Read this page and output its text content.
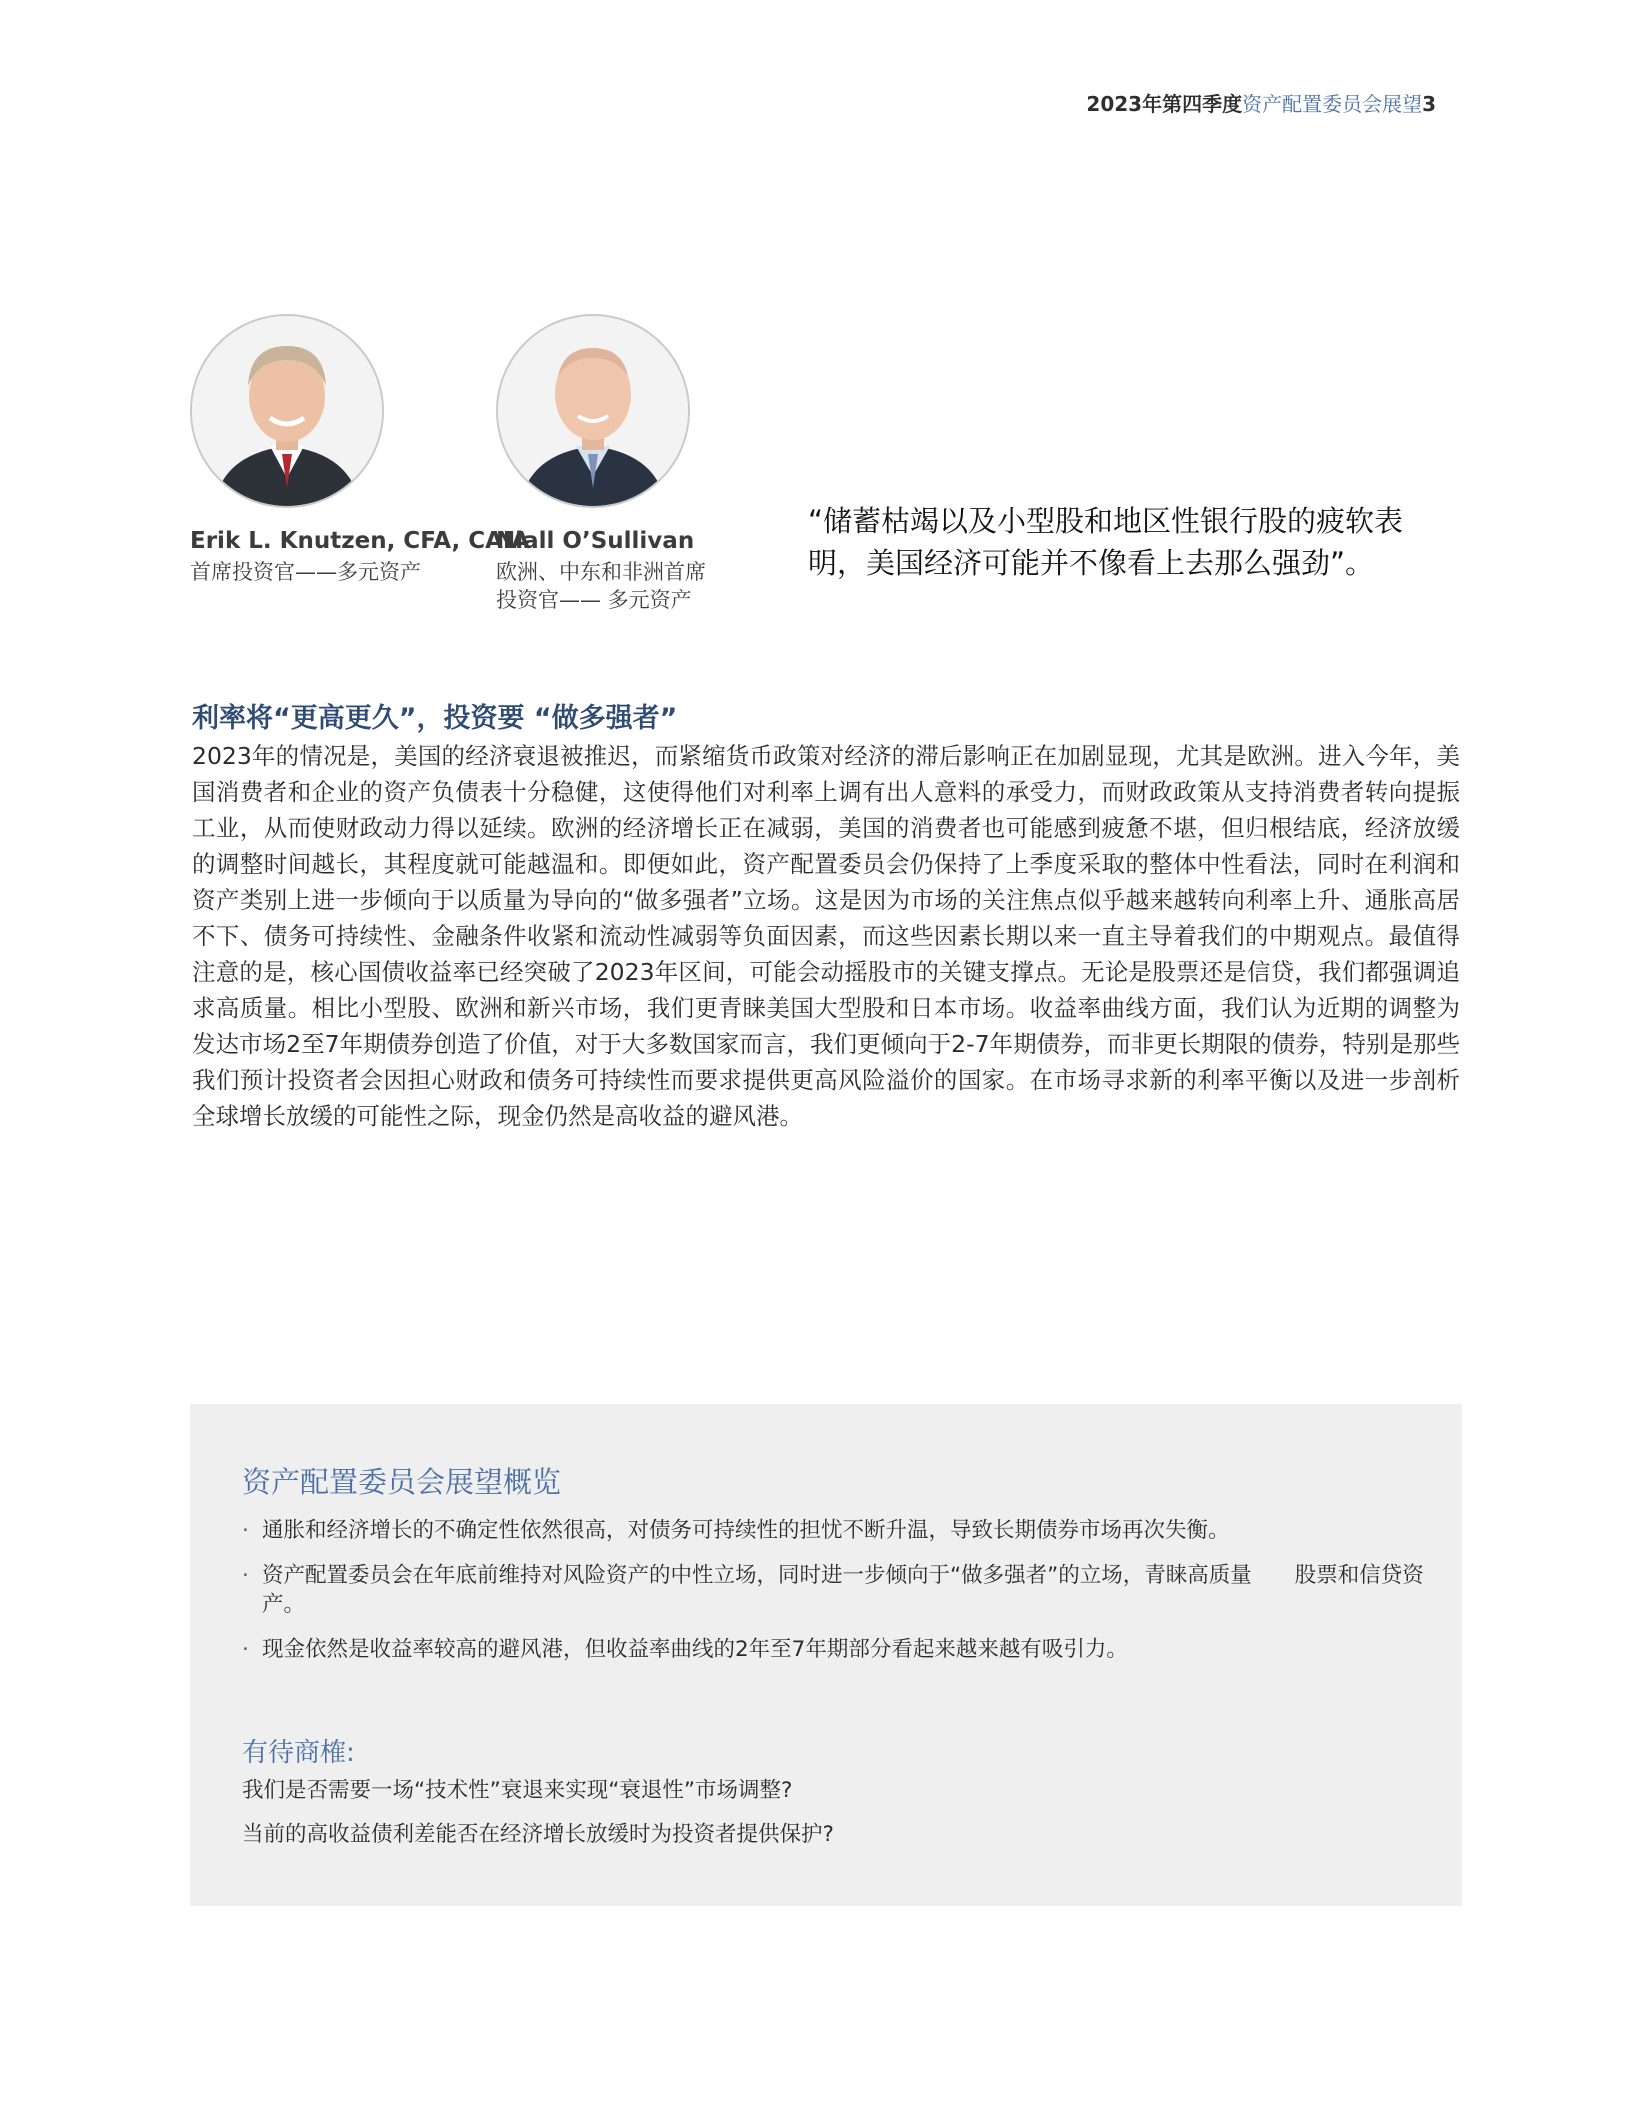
2023年第四季度资产配置委员会展望3
Erik L. Knutzen, CFA, CAIA
首席投资官——多元资产
Niall O’Sullivan
欧洲、中东和非洲首席
投资官—— 多元资产
“储蓄枯竭以及小型股和地区性银行股的疲软表明，美国经济可能并不像看上去那么强劲”。
利率将“更高更久”，投资要 “做多强者”
2023年的情况是，美国的经济衰退被推迟，而紧缩货币政策对经济的滞后影响正在加剧显现，尤其是欧洲。进入今年，美国消费者和企业的资产负债表十分稳健，这使得他们对利率上调有出人意料的承受力，而财政政策从支持消费者转向提振工业，从而使财政动力得以延续。欧洲的经济增长正在减弱，美国的消费者也可能感到疲惫不堪，但归根结底，经济放缓的调整时间越长，其程度就可能越温和。即便如此，资产配置委员会仍保持了上季度采取的整体中性看法，同时在利润和资产类别上进一步倾向于以质量为导向的“做多强者”立场。这是因为市场的关注焦点似乎越来越转向利率上升、通胀高居不下、债务可持续性、金融条件收紧和流动性减弱等负面因素，而这些因素长期以来一直主导着我们的中期观点。最值得注意的是，核心国债收益率已经突破了2023年区间，可能会动摇股市的关键支撑点。无论是股票还是信贷，我们都强调追求高质量。相比小型股、欧洲和新兴市场，我们更青睐美国大型股和日本市场。收益率曲线方面，我们认为近期的调整为发达市场2至7年期债券创造了价值，对于大多数国家而言，我们更倾向于2-7年期债券，而非更长期限的债券，特别是那些我们预计投资者会因担心财政和债务可持续性而要求提供更高风险溢价的国家。在市场寻求新的利率平衡以及进一步剖析全球增长放缓的可能性之际，现金仍然是高收益的避风港。
资产配置委员会展望概览
· 通胀和经济增长的不确定性依然很高，对债务可持续性的担忧不断升温，导致长期债券市场再次失衡。
· 资产配置委员会在年底前维持对风险资产的中性立场，同时进一步倾向于“做多强者”的立场，青睐高质量　　股票和信贷资产。
· 现金依然是收益率较高的避风港，但收益率曲线的2年至7年期部分看起来越来越有吸引力。
有待商榷:
我们是否需要一场“技术性”衰退来实现“衰退性”市场调整?
当前的高收益债利差能否在经济增长放缓时为投资者提供保护?
